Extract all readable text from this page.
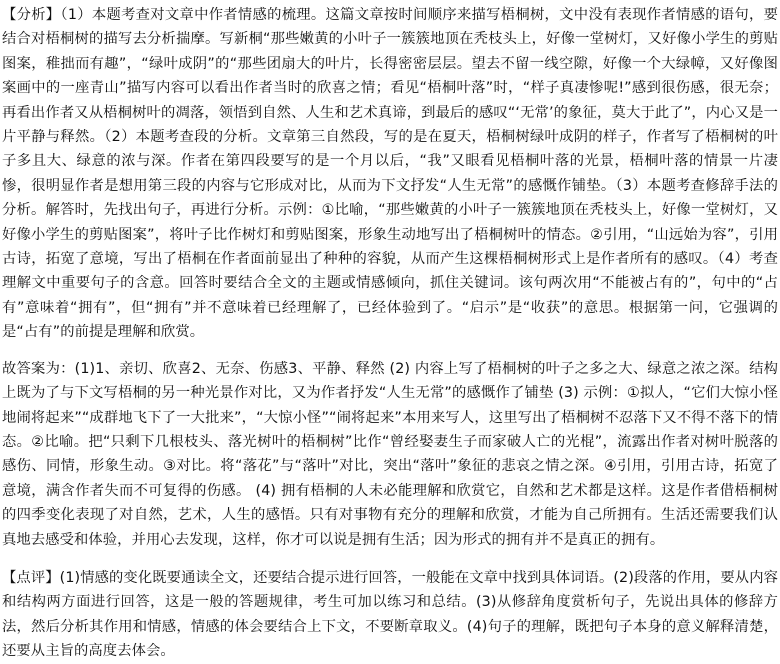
【分析】（1）本题考查对文章中作者情感的梳理。这篇文章按时间顺序来描写梧桐树，文中没有表现作者情感的语句，要结合对梧桐树的描写去分析揣摩。写新桐“那些嫩黄的小叶子一簇簇地顶在秃枝头上，好像一堂树灯，又好像小学生的剪贴图案，稚拙而有趣”，“绿叶成阴”的“那些团扇大的叶片，长得密密层层。望去不留一线空隙，好像一个大绿幛，又好像图案画中的一座青山”描写内容可以看出作者当时的欣喜之情；看见“梧桐叶落”时，“样子真凄惨呢!”感到很伤感，很无奈；再看出作者又从梧桐树叶的凋落，领悟到自然、人生和艺术真谛，到最后的感叹“‘无常’的象征，莫大于此了”，内心又是一片平静与释然。（2）本题考查段的分析。文章第三自然段，写的是在夏天，梧桐树绿叶成阴的样子，作者写了梧桐树的叶子多且大、绿意的浓与深。作者在第四段要写的是一个月以后，“我”又眼看见梧桐叶落的光景，梧桐叶落的情景一片凄惨，很明显作者是想用第三段的内容与它形成对比，从而为下文抒发“人生无常”的感慨作铺垫。（3）本题考查修辞手法的分析。解答时，先找出句子，再进行分析。示例：①比喻，“那些嫩黄的小叶子一簇簇地顶在秃枝头上，好像一堂树灯，又好像小学生的剪贴图案”，将叶子比作树灯和剪贴图案，形象生动地写出了梧桐树叶的情态。②引用，“山远始为容”，引用古诗，拓宽了意境，写出了梧桐在作者面前显出了种种的容貌，从而产生这棵梧桐树形式上是作者所有的感叹。（4）考查理解文中重要句子的含意。回答时要结合全文的主题或情感倾向，抓住关键词。该句两次用“不能被占有的”，句中的“占有”意味着“拥有”，但“拥有”并不意味着已经理解了，已经体验到了。“启示”是“收获”的意思。根据第一问，它强调的是“占有”的前提是理解和欣赏。

故答案为：(1)1、亲切、欣喜2、无奈、伤感3、平静、释然 (2) 内容上写了梧桐树的叶子之多之大、绿意之浓之深。结构上既为了与下文写梧桐的另一种光景作对比，又为作者抒发“人生无常”的感慨作了铺垫 (3) 示例：①拟人，“它们大惊小怪地闹将起来”“成群地飞下了一大批来”，“大惊小怪”“闹将起来”本用来写人，这里写出了梧桐树不忍落下又不得不落下的情态。②比喻。把“只剩下几根枝头、落光树叶的梧桐树”比作“曾经娶妻生子而家破人亡的光棍”，流露出作者对树叶脱落的感伤、同情，形象生动。③对比。将“落花”与“落叶”对比，突出“落叶”象征的悲哀之情之深。④引用，引用古诗，拓宽了意境，满含作者失而不可复得的伤感。 (4) 拥有梧桐的人未必能理解和欣赏它，自然和艺术都是这样。这是作者借梧桐树的四季变化表现了对自然，艺术，人生的感悟。只有对事物有充分的理解和欣赏，才能为自己所拥有。生活还需要我们认真地去感受和体验，并用心去发现，这样，你才可以说是拥有生活；因为形式的拥有并不是真正的拥有。

【点评】(1)情感的变化既要通读全文，还要结合提示进行回答，一般能在文章中找到具体词语。(2)段落的作用，要从内容和结构两方面进行回答，这是一般的答题规律，考生可加以练习和总结。(3)从修辞角度赏析句子，先说出具体的修辞方法，然后分析其作用和情感，情感的体会要结合上下文，不要断章取义。(4)句子的理解，既把句子本身的意义解释清楚，还要从主旨的高度去体会。
